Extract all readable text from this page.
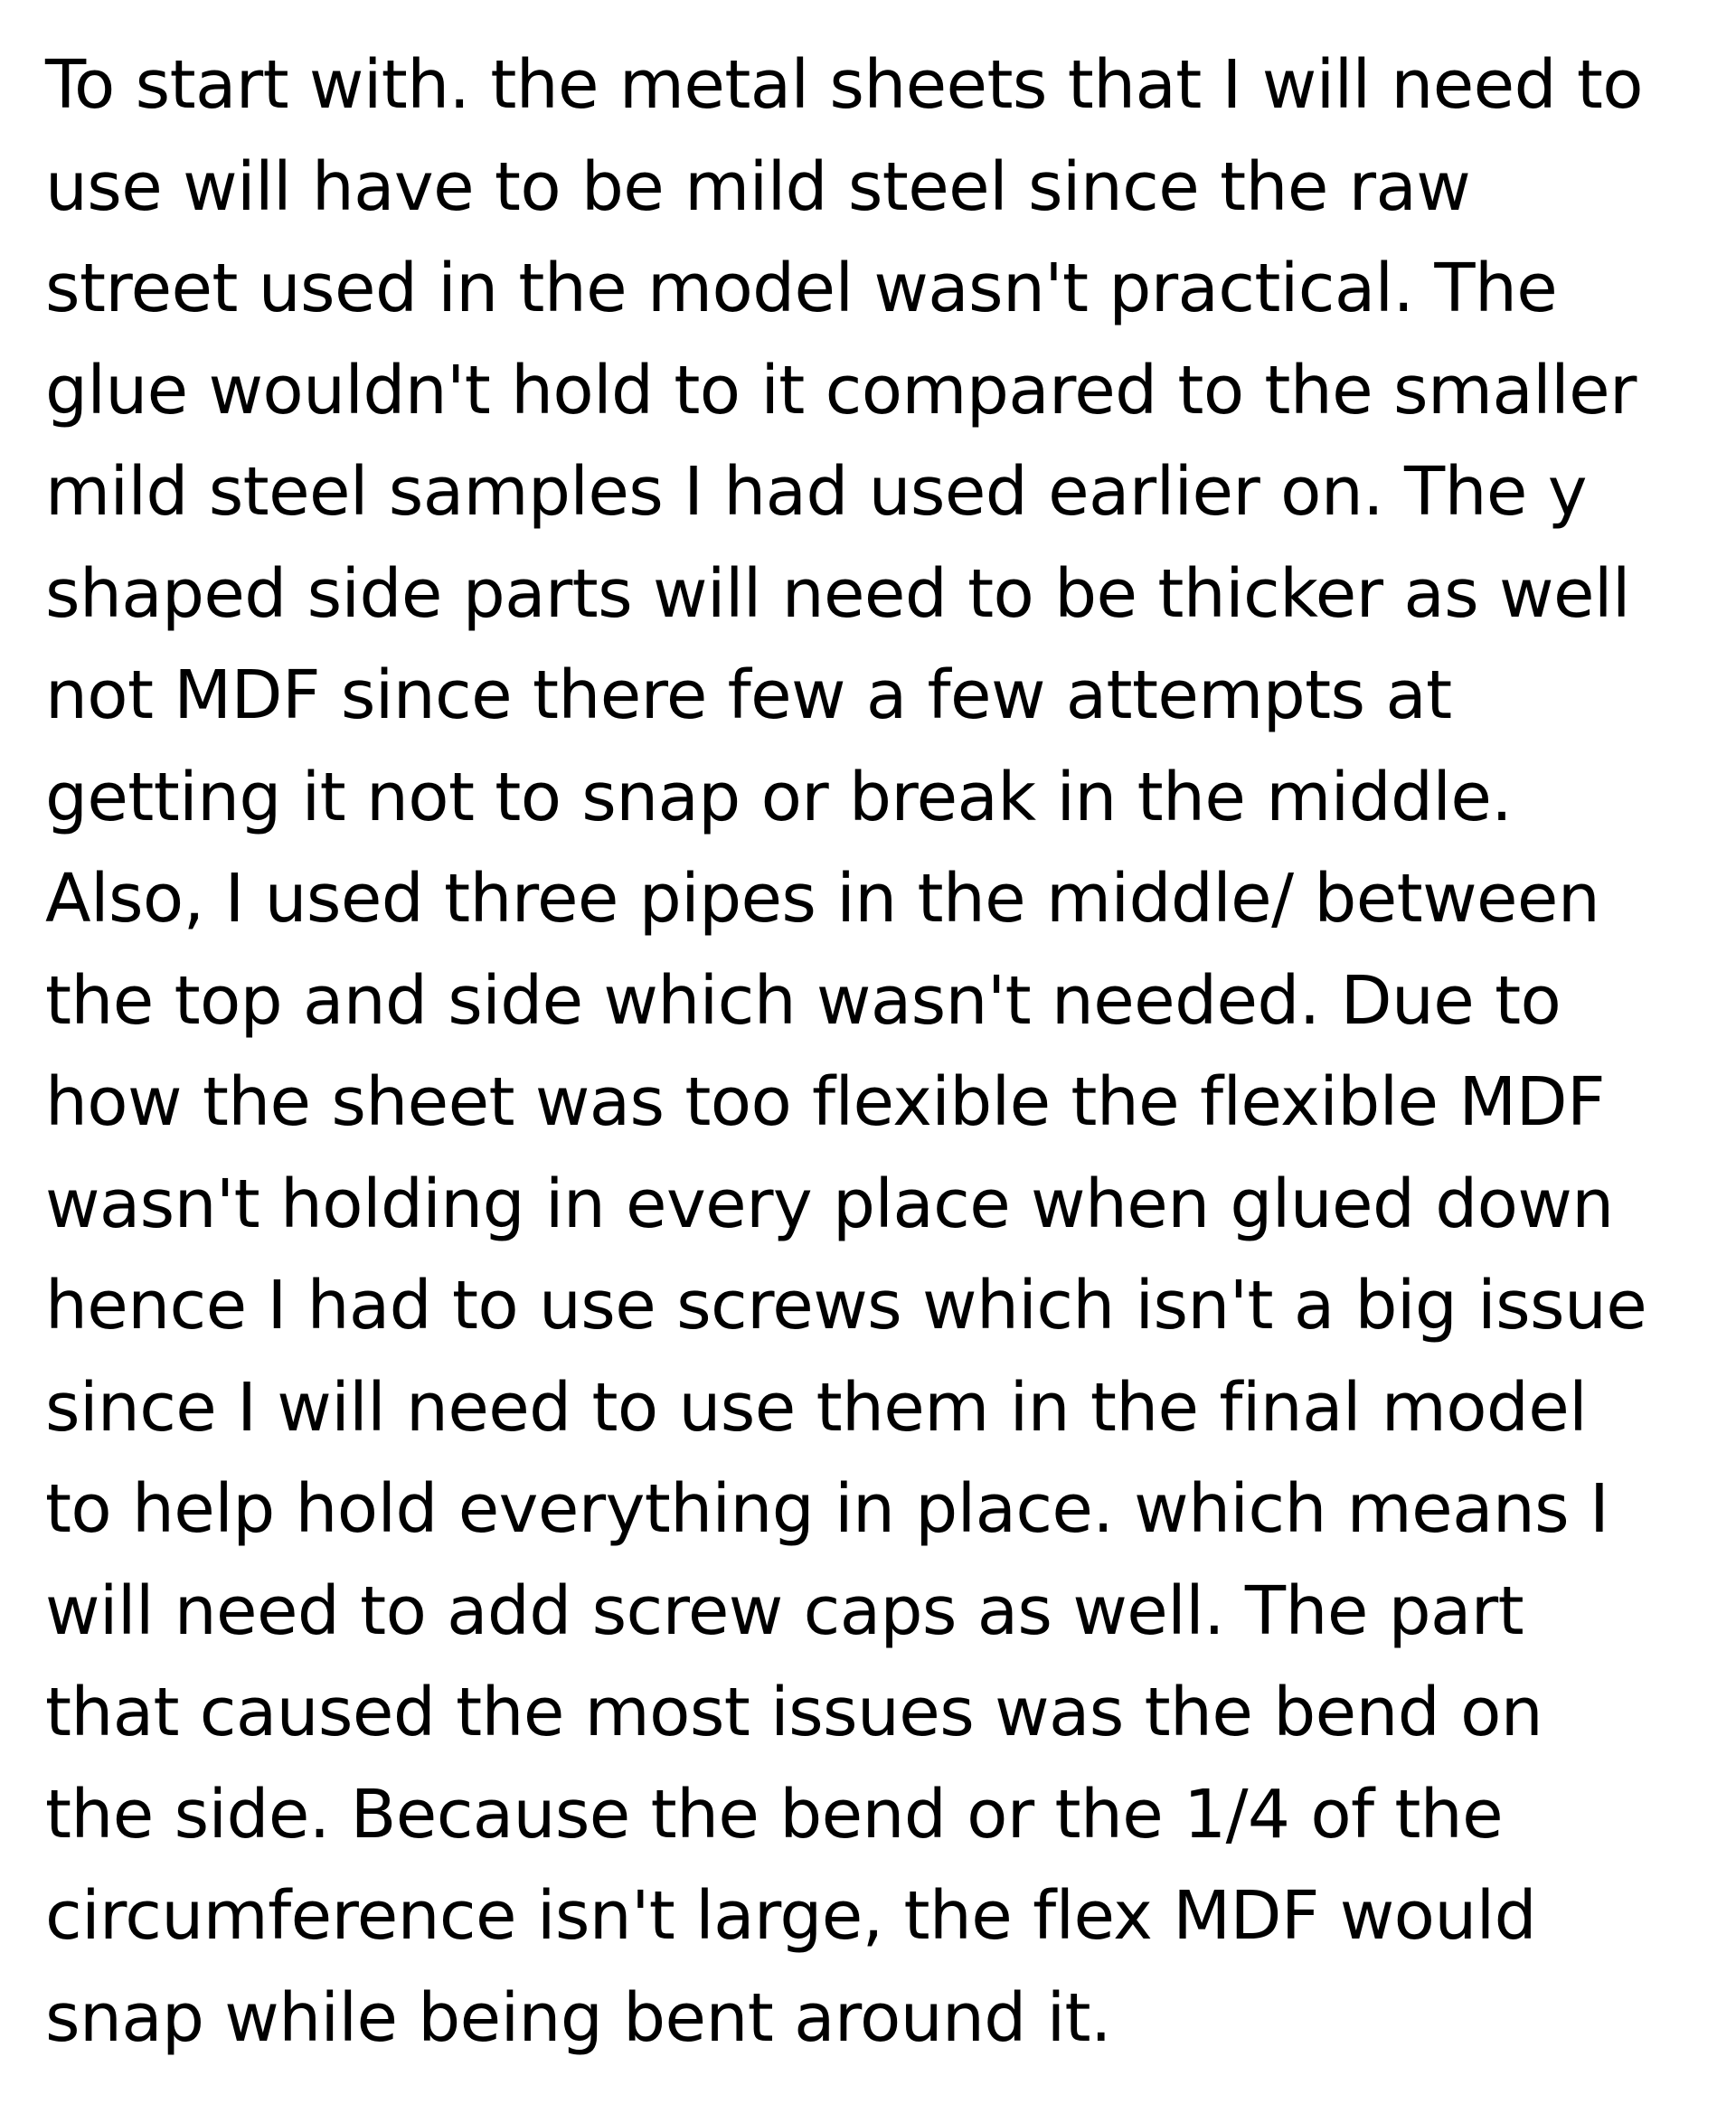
To start with. the metal sheets that I will need to
use will have to be mild steel since the raw
street used in the model wasn't practical. The
glue wouldn't hold to it compared to the smaller
mild steel samples I had used earlier on. The y
shaped side parts will need to be thicker as well
not MDF since there few a few attempts at
getting it not to snap or break in the middle.
Also, I used three pipes in the middle/ between
the top and side which wasn't needed. Due to
how the sheet was too flexible the flexible MDF
wasn't holding in every place when glued down
hence I had to use screws which isn't a big issue
since I will need to use them in the final model
to help hold everything in place. which means I
will need to add screw caps as well. The part
that caused the most issues was the bend on
the side. Because the bend or the 1/4 of the
circumference isn't large, the flex MDF would
snap while being bent around it.
